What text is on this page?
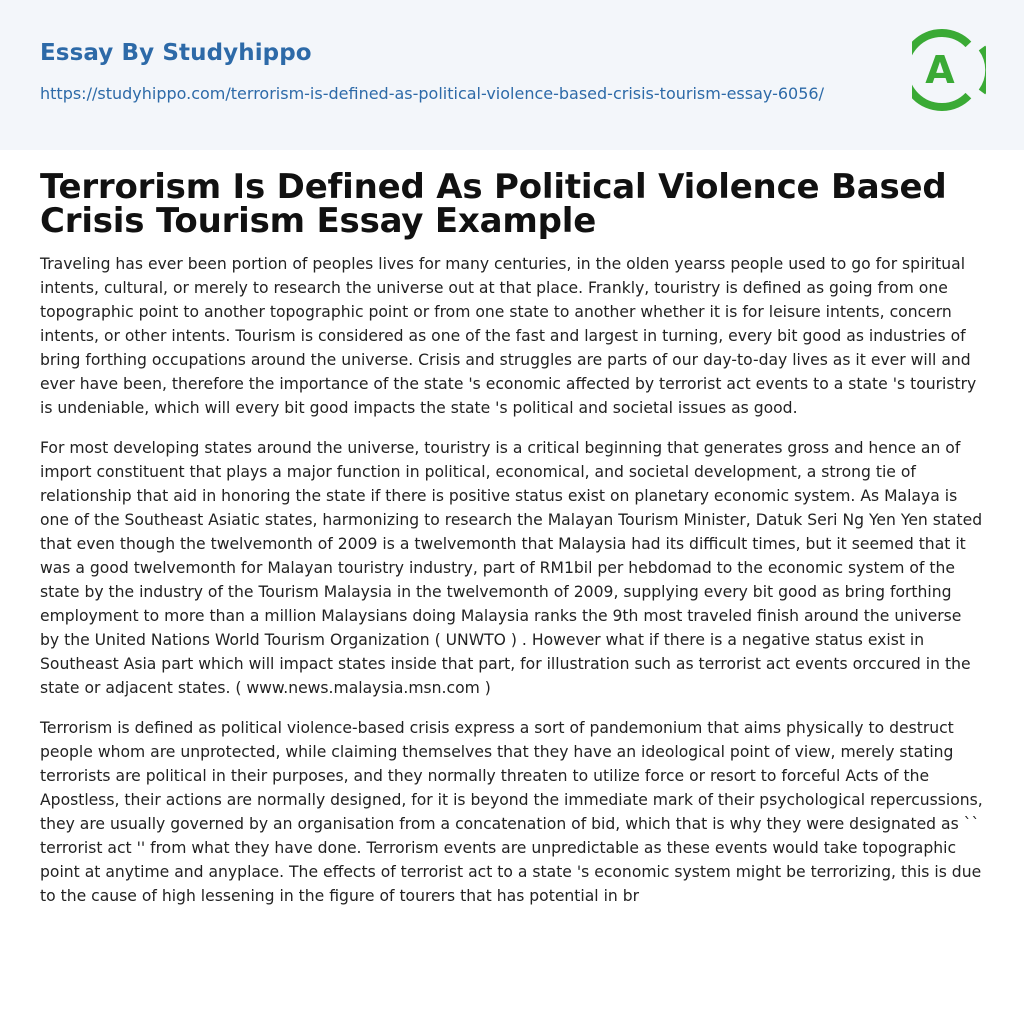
Essay By Studyhippo
https://studyhippo.com/terrorism-is-defined-as-political-violence-based-crisis-tourism-essay-6056/
A
Terrorism Is Defined As Political Violence Based Crisis Tourism Essay Example

Traveling has ever been portion of peoples lives for many centuries, in the olden yearss people used to go for spiritual intents, cultural, or merely to research the universe out at that place. Frankly, touristry is defined as going from one topographic point to another topographic point or from one state to another whether it is for leisure intents, concern intents, or other intents. Tourism is considered as one of the fast and largest in turning, every bit good as industries of bring forthing occupations around the universe. Crisis and struggles are parts of our day-to-day lives as it ever will and ever have been, therefore the importance of the state 's economic affected by terrorist act events to a state 's touristry is undeniable, which will every bit good impacts the state 's political and societal issues as good.

For most developing states around the universe, touristry is a critical beginning that generates gross and hence an of import constituent that plays a major function in political, economical, and societal development, a strong tie of relationship that aid in honoring the state if there is positive status exist on planetary economic system. As Malaya is one of the Southeast Asiatic states, harmonizing to research the Malayan Tourism Minister, Datuk Seri Ng Yen Yen stated that even though the twelvemonth of 2009 is a twelvemonth that Malaysia had its difficult times, but it seemed that it was a good twelvemonth for Malayan touristry industry, part of RM1bil per hebdomad to the economic system of the state by the industry of the Tourism Malaysia in the twelvemonth of 2009, supplying every bit good as bring forthing employment to more than a million Malaysians doing Malaysia ranks the 9th most traveled finish around the universe by the United Nations World Tourism Organization ( UNWTO ) . However what if there is a negative status exist in Southeast Asia part which will impact states inside that part, for illustration such as terrorist act events orccured in the state or adjacent states. ( www.news.malaysia.msn.com )

Terrorism is defined as political violence-based crisis express a sort of pandemonium that aims physically to destruct people whom are unprotected, while claiming themselves that they have an ideological point of view, merely stating terrorists are political in their purposes, and they normally threaten to utilize force or resort to forceful Acts of the Apostless, their actions are normally designed, for it is beyond the immediate mark of their psychological repercussions, they are usually governed by an organisation from a concatenation of bid, which that is why they were designated as `` terrorist act '' from what they have done. Terrorism events are unpredictable as these events would take topographic point at anytime and anyplace. The effects of terrorist act to a state 's economic system might be terrorizing, this is due to the cause of high lessening in the figure of tourers that has potential in br
